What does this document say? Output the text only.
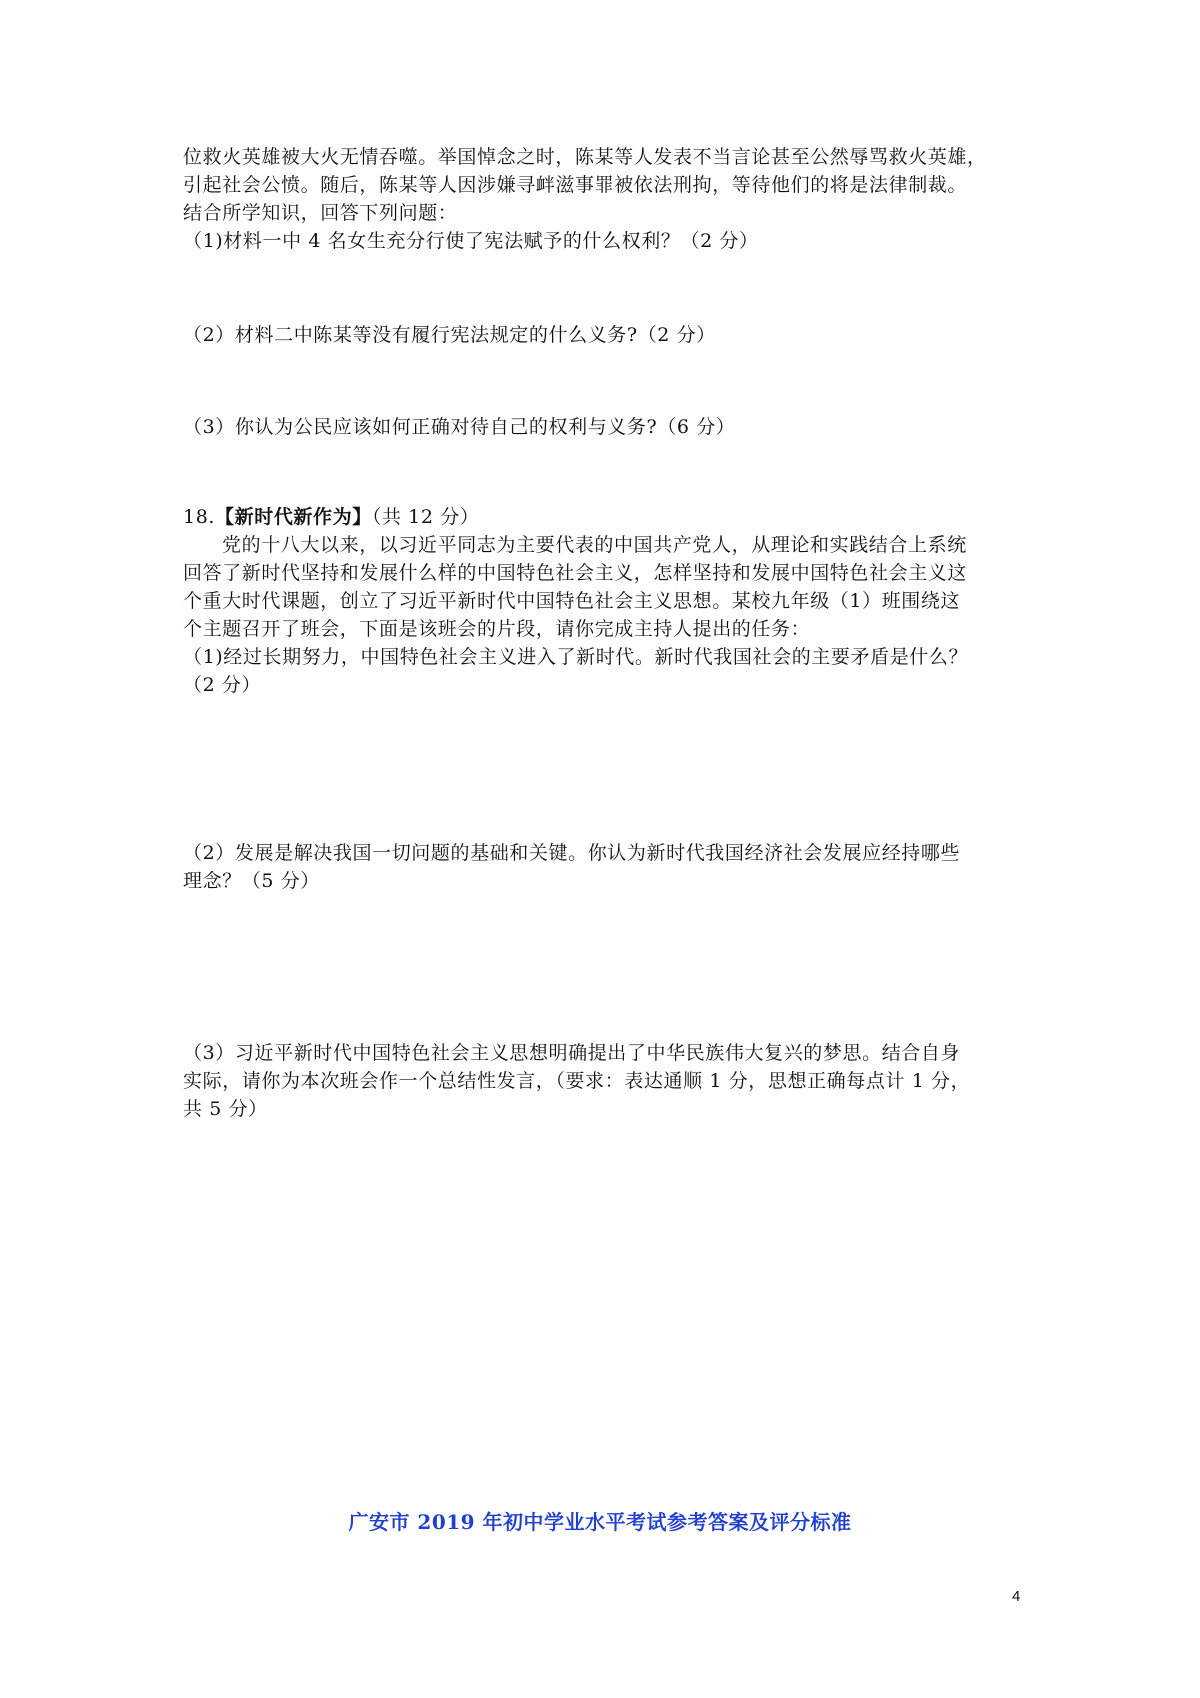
位救火英雄被大火无情吞噬。举国悼念之时，陈某等人发表不当言论甚至公然辱骂救火英雄，
引起社会公愤。随后，陈某等人因涉嫌寻衅滋事罪被依法刑拘，等待他们的将是法律制裁。
结合所学知识，回答下列问题：
（1)材料一中 4 名女生充分行使了宪法赋予的什么权利？（2 分）
（2）材料二中陈某等没有履行宪法规定的什么义务?（2 分）
（3）你认为公民应该如何正确对待自己的权利与义务?（6 分）
18.【新时代新作为】（共 12 分）
党的十八大以来，以习近平同志为主要代表的中国共产党人，从理论和实践结合上系统
回答了新时代坚持和发展什么样的中国特色社会主义，怎样坚持和发展中国特色社会主义这
个重大时代课题，创立了习近平新时代中国特色社会主义思想。某校九年级（1）班围绕这
个主题召开了班会，下面是该班会的片段，请你完成主持人提出的任务：
（1)经过长期努力，中国特色社会主义进入了新时代。新时代我国社会的主要矛盾是什么？
（2 分）
（2）发展是解决我国一切问题的基础和关键。你认为新时代我国经济社会发展应经持哪些
理念？（5 分）
（3）习近平新时代中国特色社会主义思想明确提出了中华民族伟大复兴的梦思。结合自身
实际，请你为本次班会作一个总结性发言，（要求：表达通顺 1 分，思想正确每点计 1 分，
共 5 分）
广安市 2019 年初中学业水平考试参考答案及评分标准
4
